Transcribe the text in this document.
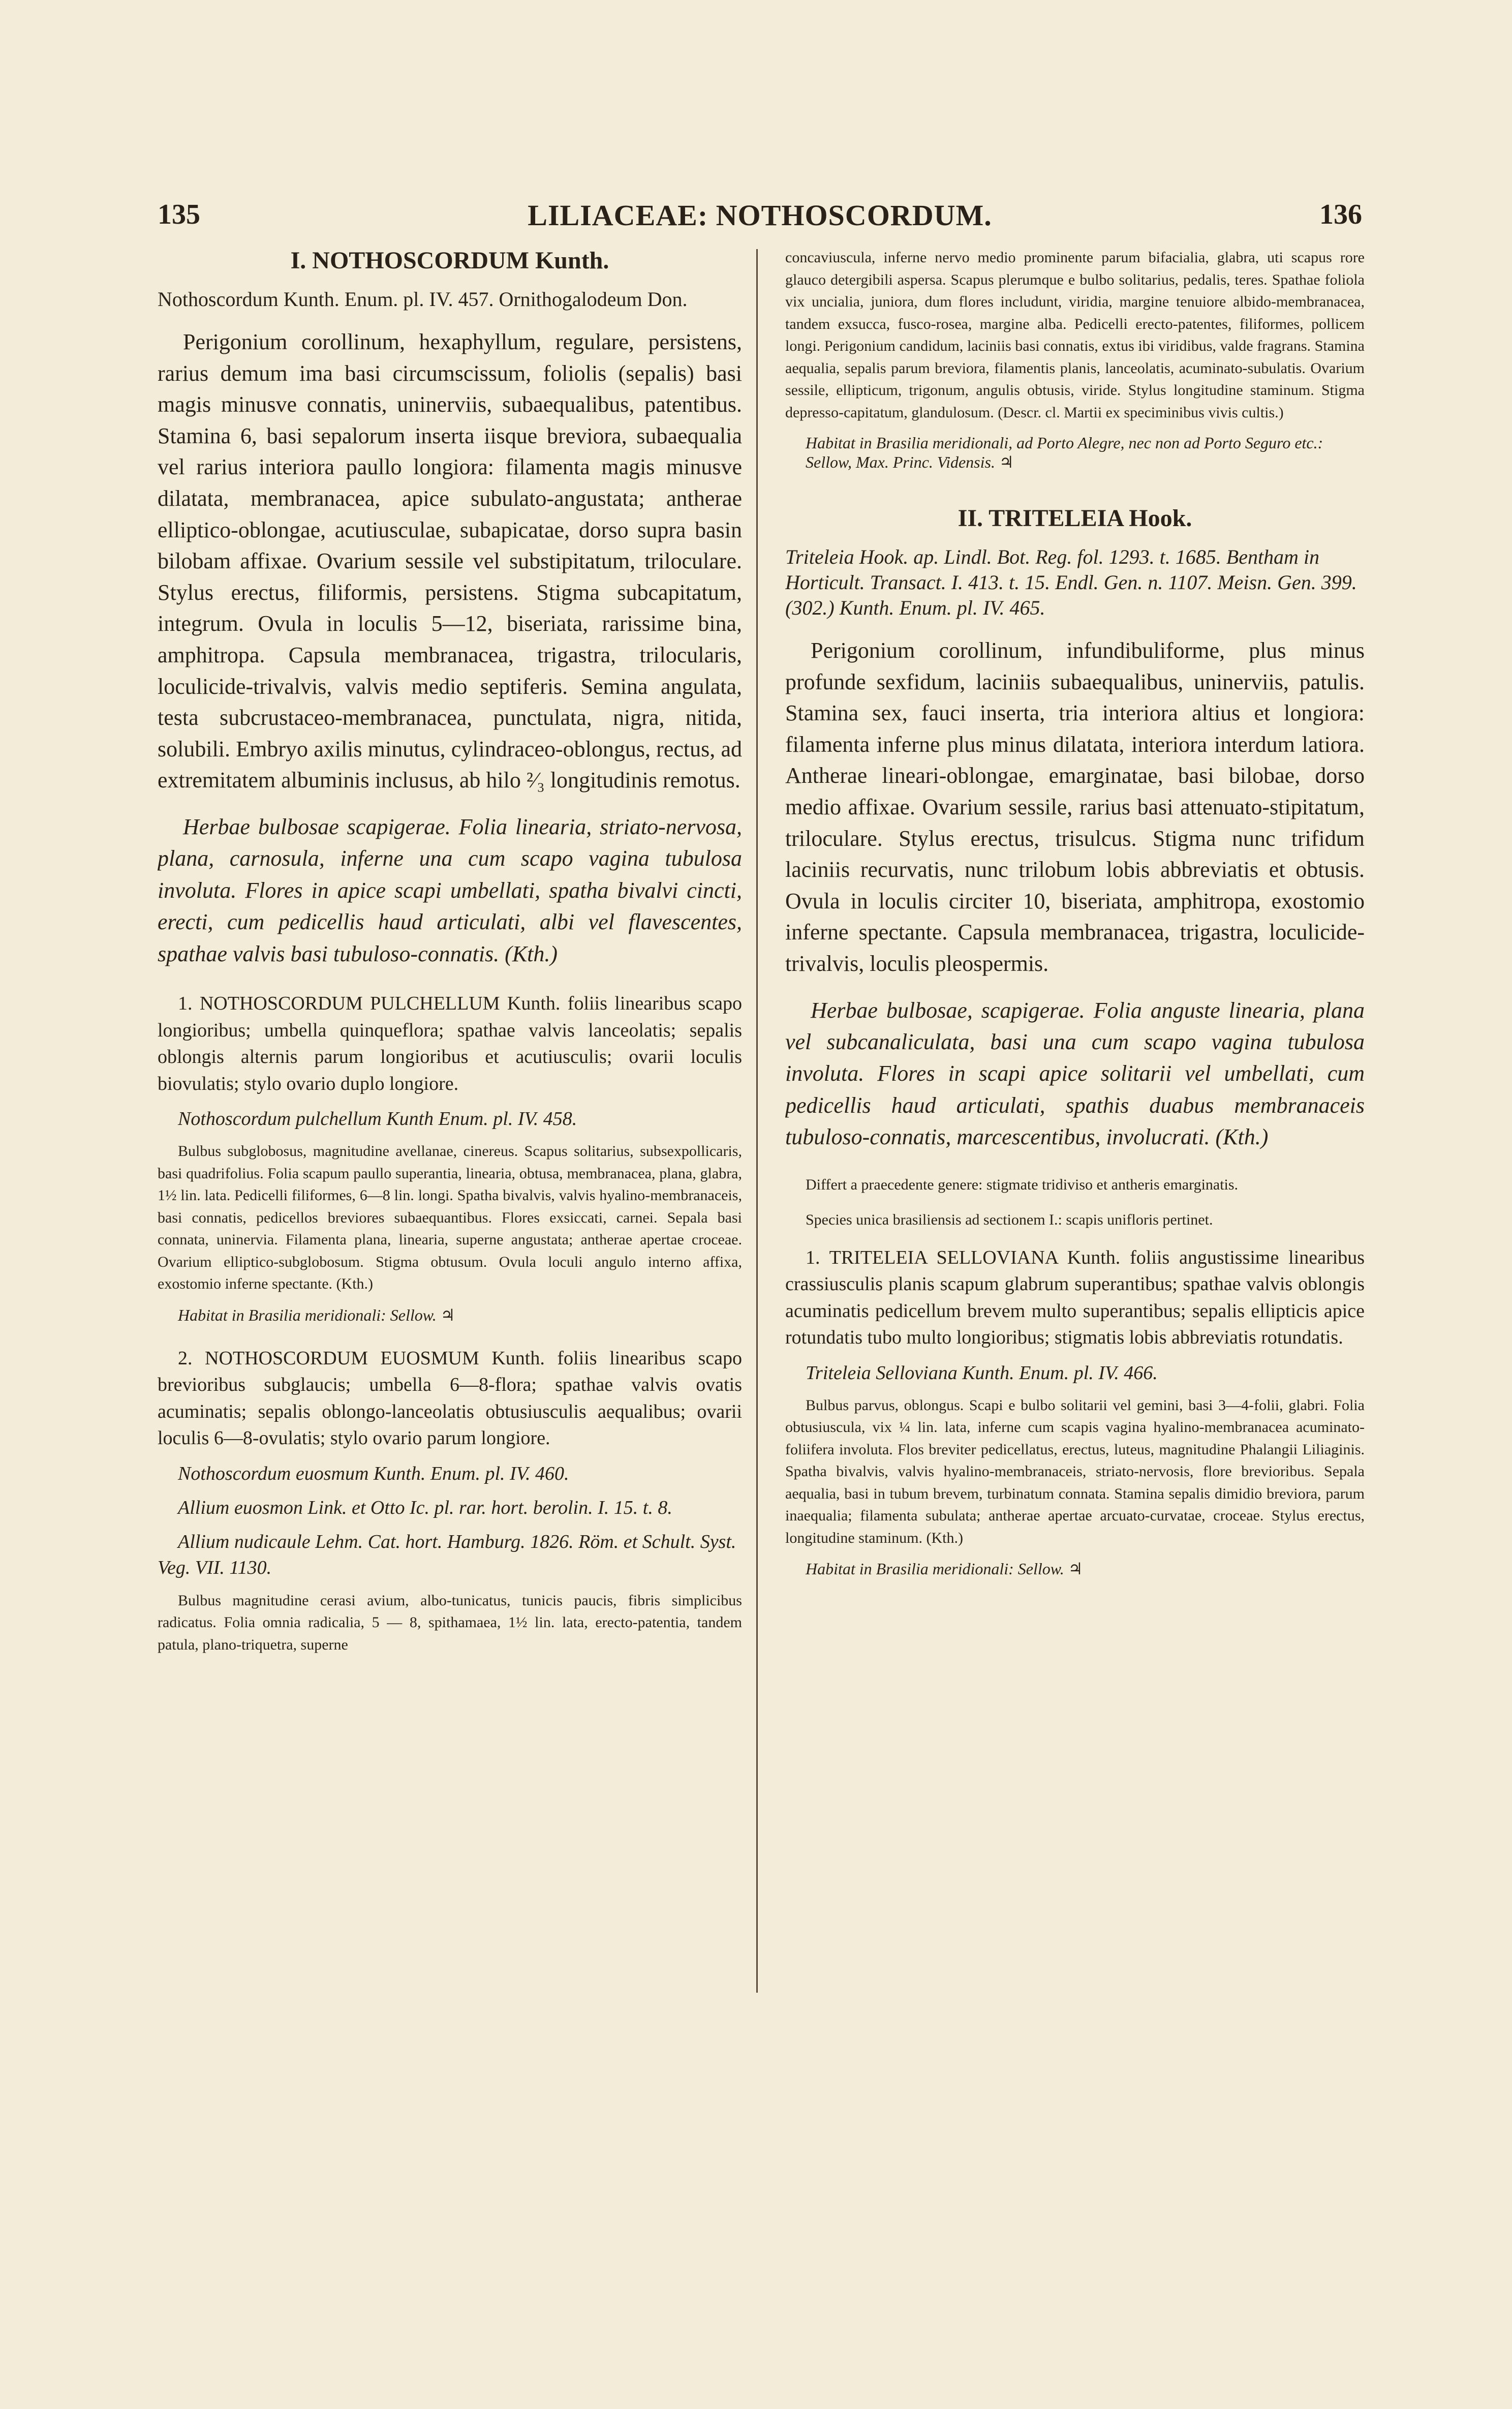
135	LILIACEAE: NOTHOSCORDUM.	136
I. NOTHOSCORDUM Kunth.

Nothoscordum Kunth. Enum. pl. IV. 457. Ornithogalodeum Don.

Perigonium corollinum, hexaphyllum, regulare, persistens, rarius demum ima basi circumscissum, foliolis (sepalis) basi magis minusve connatis, uninerviis, subaequalibus, patentibus. Stamina 6, basi sepalorum inserta iisque breviora, subaequalia vel rarius interiora paullo longiora: filamenta magis minusve dilatata, membranacea, apice subulato-angustata; antherae elliptico-oblongae, acutiusculae, subapicatae, dorso supra basin bilobam affixae. Ovarium sessile vel substipitatum, triloculare. Stylus erectus, filiformis, persistens. Stigma subcapitatum, integrum. Ovula in loculis 5—12, biseriata, rarissime bina, amphitropa. Capsula membranacea, trigastra, trilocularis, loculicide-trivalvis, valvis medio septiferis. Semina angulata, testa subcrustaceo-membranacea, punctulata, nigra, nitida, solubili. Embryo axilis minutus, cylindraceo-oblongus, rectus, ad extremitatem albuminis inclusus, ab hilo ²⁄₃ longitudinis remotus.

Herbae bulbosae scapigerae. Folia linearia, striato-nervosa, plana, carnosula, inferne una cum scapo vagina tubulosa involuta. Flores in apice scapi umbellati, spatha bivalvi cincti, erecti, cum pedicellis haud articulati, albi vel flavescentes, spathae valvis basi tubuloso-connatis. (Kth.)

1. NOTHOSCORDUM PULCHELLUM Kunth. foliis linearibus scapo longioribus; umbella quinqueflora; spathae valvis lanceolatis; sepalis oblongis alternis parum longioribus et acutiusculis; ovarii loculis biovulatis; stylo ovario duplo longiore.

Nothoscordum pulchellum Kunth Enum. pl. IV. 458.

Bulbus subglobosus, magnitudine avellanae, cinereus. Scapus solitarius, subsexpollicaris, basi quadrifolius. Folia scapum paullo superantia, linearia, obtusa, membranacea, plana, glabra, 1½ lin. lata. Pedicelli filiformes, 6—8 lin. longi. Spatha bivalvis, valvis hyalino-membranaceis, basi connatis, pedicellos breviores subaequantibus. Flores exsiccati, carnei. Sepala basi connata, uninervia. Filamenta plana, linearia, superne angustata; antherae apertae croceae. Ovarium elliptico-subglobosum. Stigma obtusum. Ovula loculi angulo interno affixa, exostomio inferne spectante. (Kth.)

Habitat in Brasilia meridionali: Sellow. ♃

2. NOTHOSCORDUM EUOSMUM Kunth. foliis linearibus scapo brevioribus subglaucis; umbella 6—8-flora; spathae valvis ovatis acuminatis; sepalis oblongo-lanceolatis obtusiusculis aequalibus; ovarii loculis 6—8-ovulatis; stylo ovario parum longiore.

Nothoscordum euosmum Kunth. Enum. pl. IV. 460.

Allium euosmon Link. et Otto Ic. pl. rar. hort. berolin. I. 15. t. 8.

Allium nudicaule Lehm. Cat. hort. Hamburg. 1826. Röm. et Schult. Syst. Veg. VII. 1130.

Bulbus magnitudine cerasi avium, albo-tunicatus, tunicis paucis, fibris simplicibus radicatus. Folia omnia radicalia, 5 — 8, spithamaea, 1½ lin. lata, erecto-patentia, tandem patula, plano-triquetra, superne

concaviuscula, inferne nervo medio prominente parum bifacialia, glabra, uti scapus rore glauco detergibili aspersa. Scapus plerumque e bulbo solitarius, pedalis, teres. Spathae foliola vix uncialia, juniora, dum flores includunt, viridia, margine tenuiore albido-membranacea, tandem exsucca, fusco-rosea, margine alba. Pedicelli erecto-patentes, filiformes, pollicem longi. Perigonium candidum, laciniis basi connatis, extus ibi viridibus, valde fragrans. Stamina aequalia, sepalis parum breviora, filamentis planis, lanceolatis, acuminato-subulatis. Ovarium sessile, ellipticum, trigonum, angulis obtusis, viride. Stylus longitudine staminum. Stigma depresso-capitatum, glandulosum. (Descr. cl. Martii ex speciminibus vivis cultis.)

Habitat in Brasilia meridionali, ad Porto Alegre, nec non ad Porto Seguro etc.: Sellow, Max. Princ. Vidensis. ♃

II. TRITELEIA Hook.

Triteleia Hook. ap. Lindl. Bot. Reg. fol. 1293. t. 1685. Bentham in Horticult. Transact. I. 413. t. 15. Endl. Gen. n. 1107. Meisn. Gen. 399. (302.) Kunth. Enum. pl. IV. 465.

Perigonium corollinum, infundibuliforme, plus minus profunde sexfidum, laciniis subaequalibus, uninerviis, patulis. Stamina sex, fauci inserta, tria interiora altius et longiora: filamenta inferne plus minus dilatata, interiora interdum latiora. Antherae lineari-oblongae, emarginatae, basi bilobae, dorso medio affixae. Ovarium sessile, rarius basi attenuato-stipitatum, triloculare. Stylus erectus, trisulcus. Stigma nunc trifidum laciniis recurvatis, nunc trilobum lobis abbreviatis et obtusis. Ovula in loculis circiter 10, biseriata, amphitropa, exostomio inferne spectante. Capsula membranacea, trigastra, loculicide-trivalvis, loculis pleospermis.

Herbae bulbosae, scapigerae. Folia anguste linearia, plana vel subcanaliculata, basi una cum scapo vagina tubulosa involuta. Flores in scapi apice solitarii vel umbellati, cum pedicellis haud articulati, spathis duabus membranaceis tubuloso-connatis, marcescentibus, involucrati. (Kth.)

Differt a praecedente genere: stigmate tridiviso et antheris emarginatis.

Species unica brasiliensis ad sectionem I.: scapis unifloris pertinet.

1. TRITELEIA SELLOVIANA Kunth. foliis angustissime linearibus crassiusculis planis scapum glabrum superantibus; spathae valvis oblongis acuminatis pedicellum brevem multo superantibus; sepalis ellipticis apice rotundatis tubo multo longioribus; stigmatis lobis abbreviatis rotundatis.

Triteleia Selloviana Kunth. Enum. pl. IV. 466.

Bulbus parvus, oblongus. Scapi e bulbo solitarii vel gemini, basi 3—4-folii, glabri. Folia obtusiuscula, vix ¼ lin. lata, inferne cum scapis vagina hyalino-membranacea acuminato-foliifera involuta. Flos breviter pedicellatus, erectus, luteus, magnitudine Phalangii Liliaginis. Spatha bivalvis, valvis hyalino-membranaceis, striato-nervosis, flore brevioribus. Sepala aequalia, basi in tubum brevem, turbinatum connata. Stamina sepalis dimidio breviora, parum inaequalia; filamenta subulata; antherae apertae arcuato-curvatae, croceae. Stylus erectus, longitudine staminum. (Kth.)

Habitat in Brasilia meridionali: Sellow. ♃
